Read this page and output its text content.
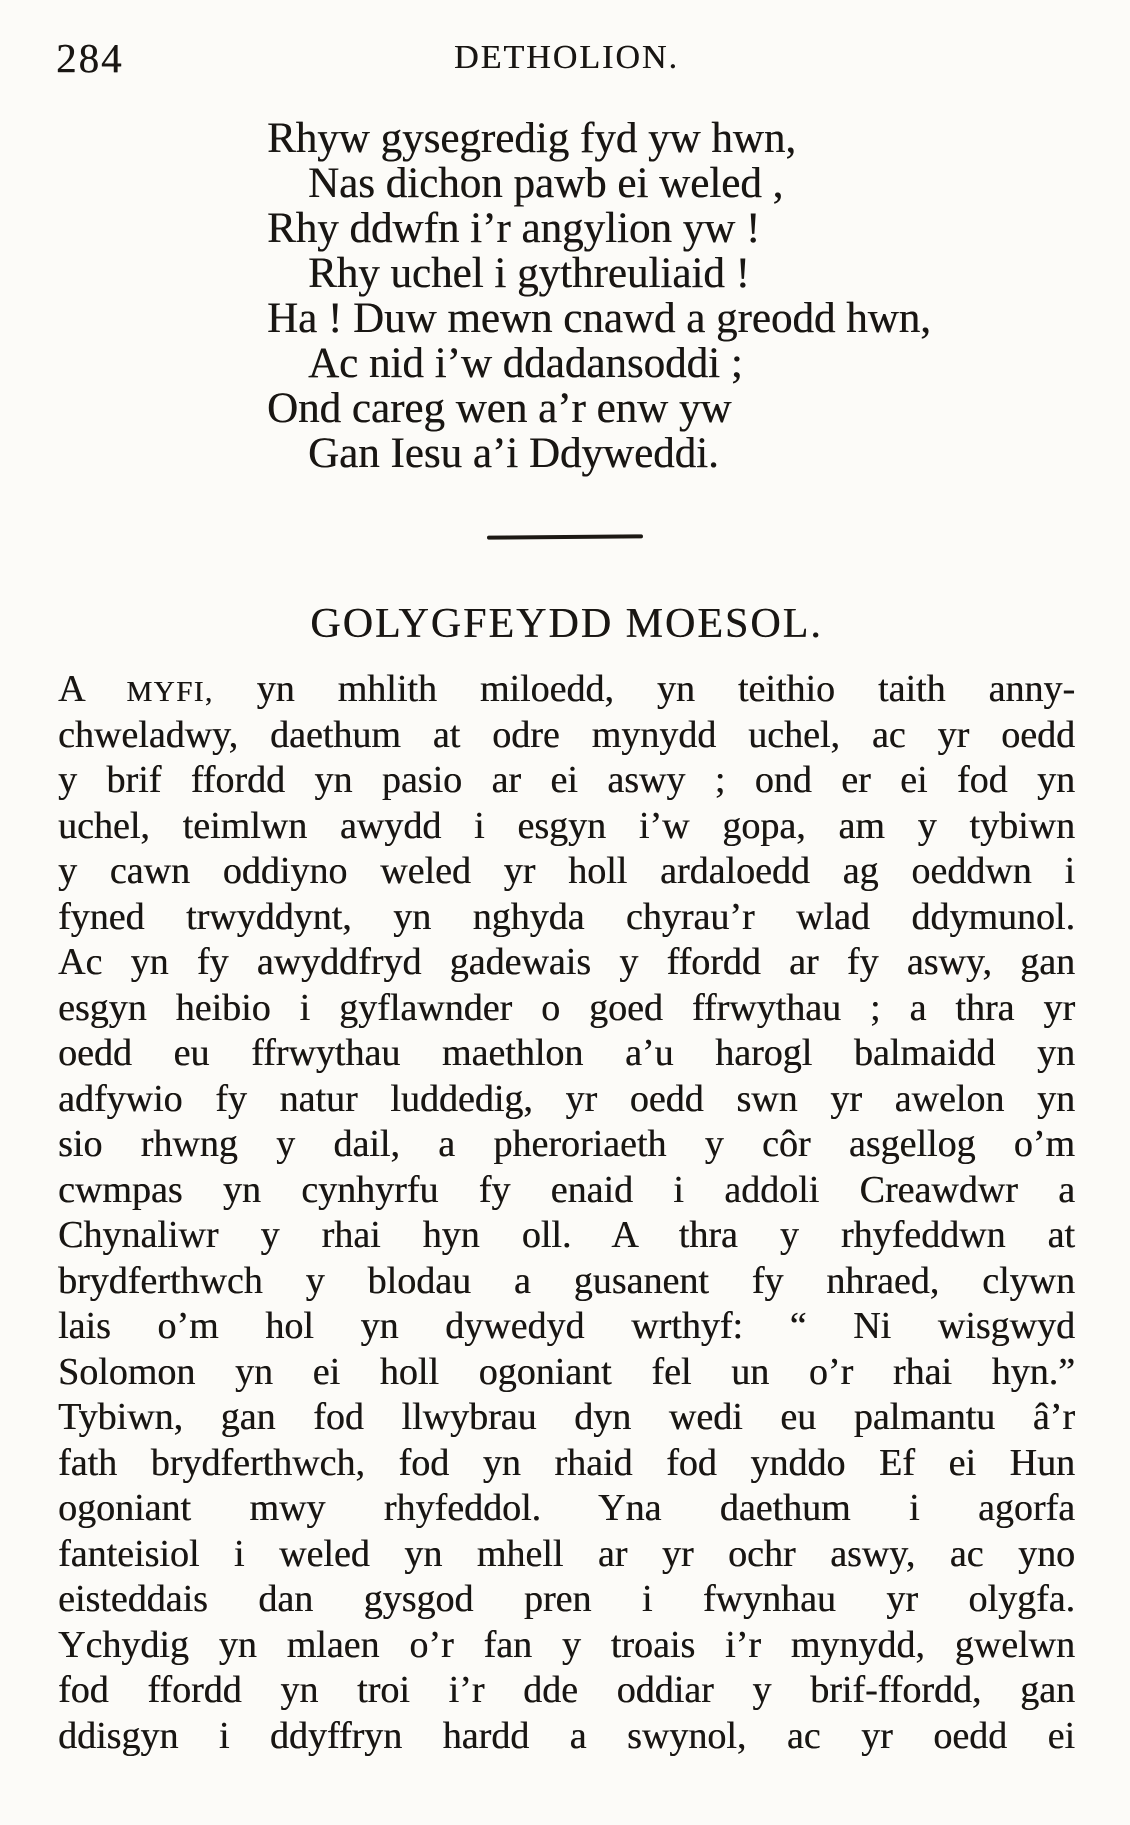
284	DETHOLION.
Rhyw gysegredig fyd yw hwn,
Nas dichon pawb ei weled ,
Rhy ddwfn i’r angylion yw !
Rhy uchel i gythreuliaid !
Ha ! Duw mewn cnawd a greodd hwn,
Ac nid i’w ddadansoddi ;
Ond careg wen a’r enw yw
Gan Iesu a’i Ddyweddi.
GOLYGFEYDD MOESOL.
A MYFI, yn mhlith miloedd, yn teithio taith anny-
chweladwy, daethum at odre mynydd uchel, ac yr oedd
y brif ffordd yn pasio ar ei aswy ; ond er ei fod yn
uchel, teimlwn awydd i esgyn i’w gopa, am y tybiwn
y cawn oddiyno weled yr holl ardaloedd ag oeddwn i
fyned trwyddynt, yn nghyda chyrau’r wlad ddymunol.
Ac yn fy awyddfryd gadewais y ffordd ar fy aswy, gan
esgyn heibio i gyflawnder o goed ffrwythau ; a thra yr
oedd eu ffrwythau maethlon a’u harogl balmaidd yn
adfywio fy natur luddedig, yr oedd swn yr awelon yn
sio rhwng y dail, a pheroriaeth y côr asgellog o’m
cwmpas yn cynhyrfu fy enaid i addoli Creawdwr a
Chynaliwr y rhai hyn oll. A thra y rhyfeddwn at
brydferthwch y blodau a gusanent fy nhraed, clywn
lais o’m hol yn dywedyd wrthyf: “ Ni wisgwyd
Solomon yn ei holl ogoniant fel un o’r rhai hyn.”
Tybiwn, gan fod llwybrau dyn wedi eu palmantu â’r
fath brydferthwch, fod yn rhaid fod ynddo Ef ei Hun
ogoniant mwy rhyfeddol. Yna daethum i agorfa
fanteisiol i weled yn mhell ar yr ochr aswy, ac yno
eisteddais dan gysgod pren i fwynhau yr olygfa.
Ychydig yn mlaen o’r fan y troais i’r mynydd, gwelwn
fod ffordd yn troi i’r dde oddiar y brif-ffordd, gan
ddisgyn i ddyffryn hardd a swynol, ac yr oedd ei
